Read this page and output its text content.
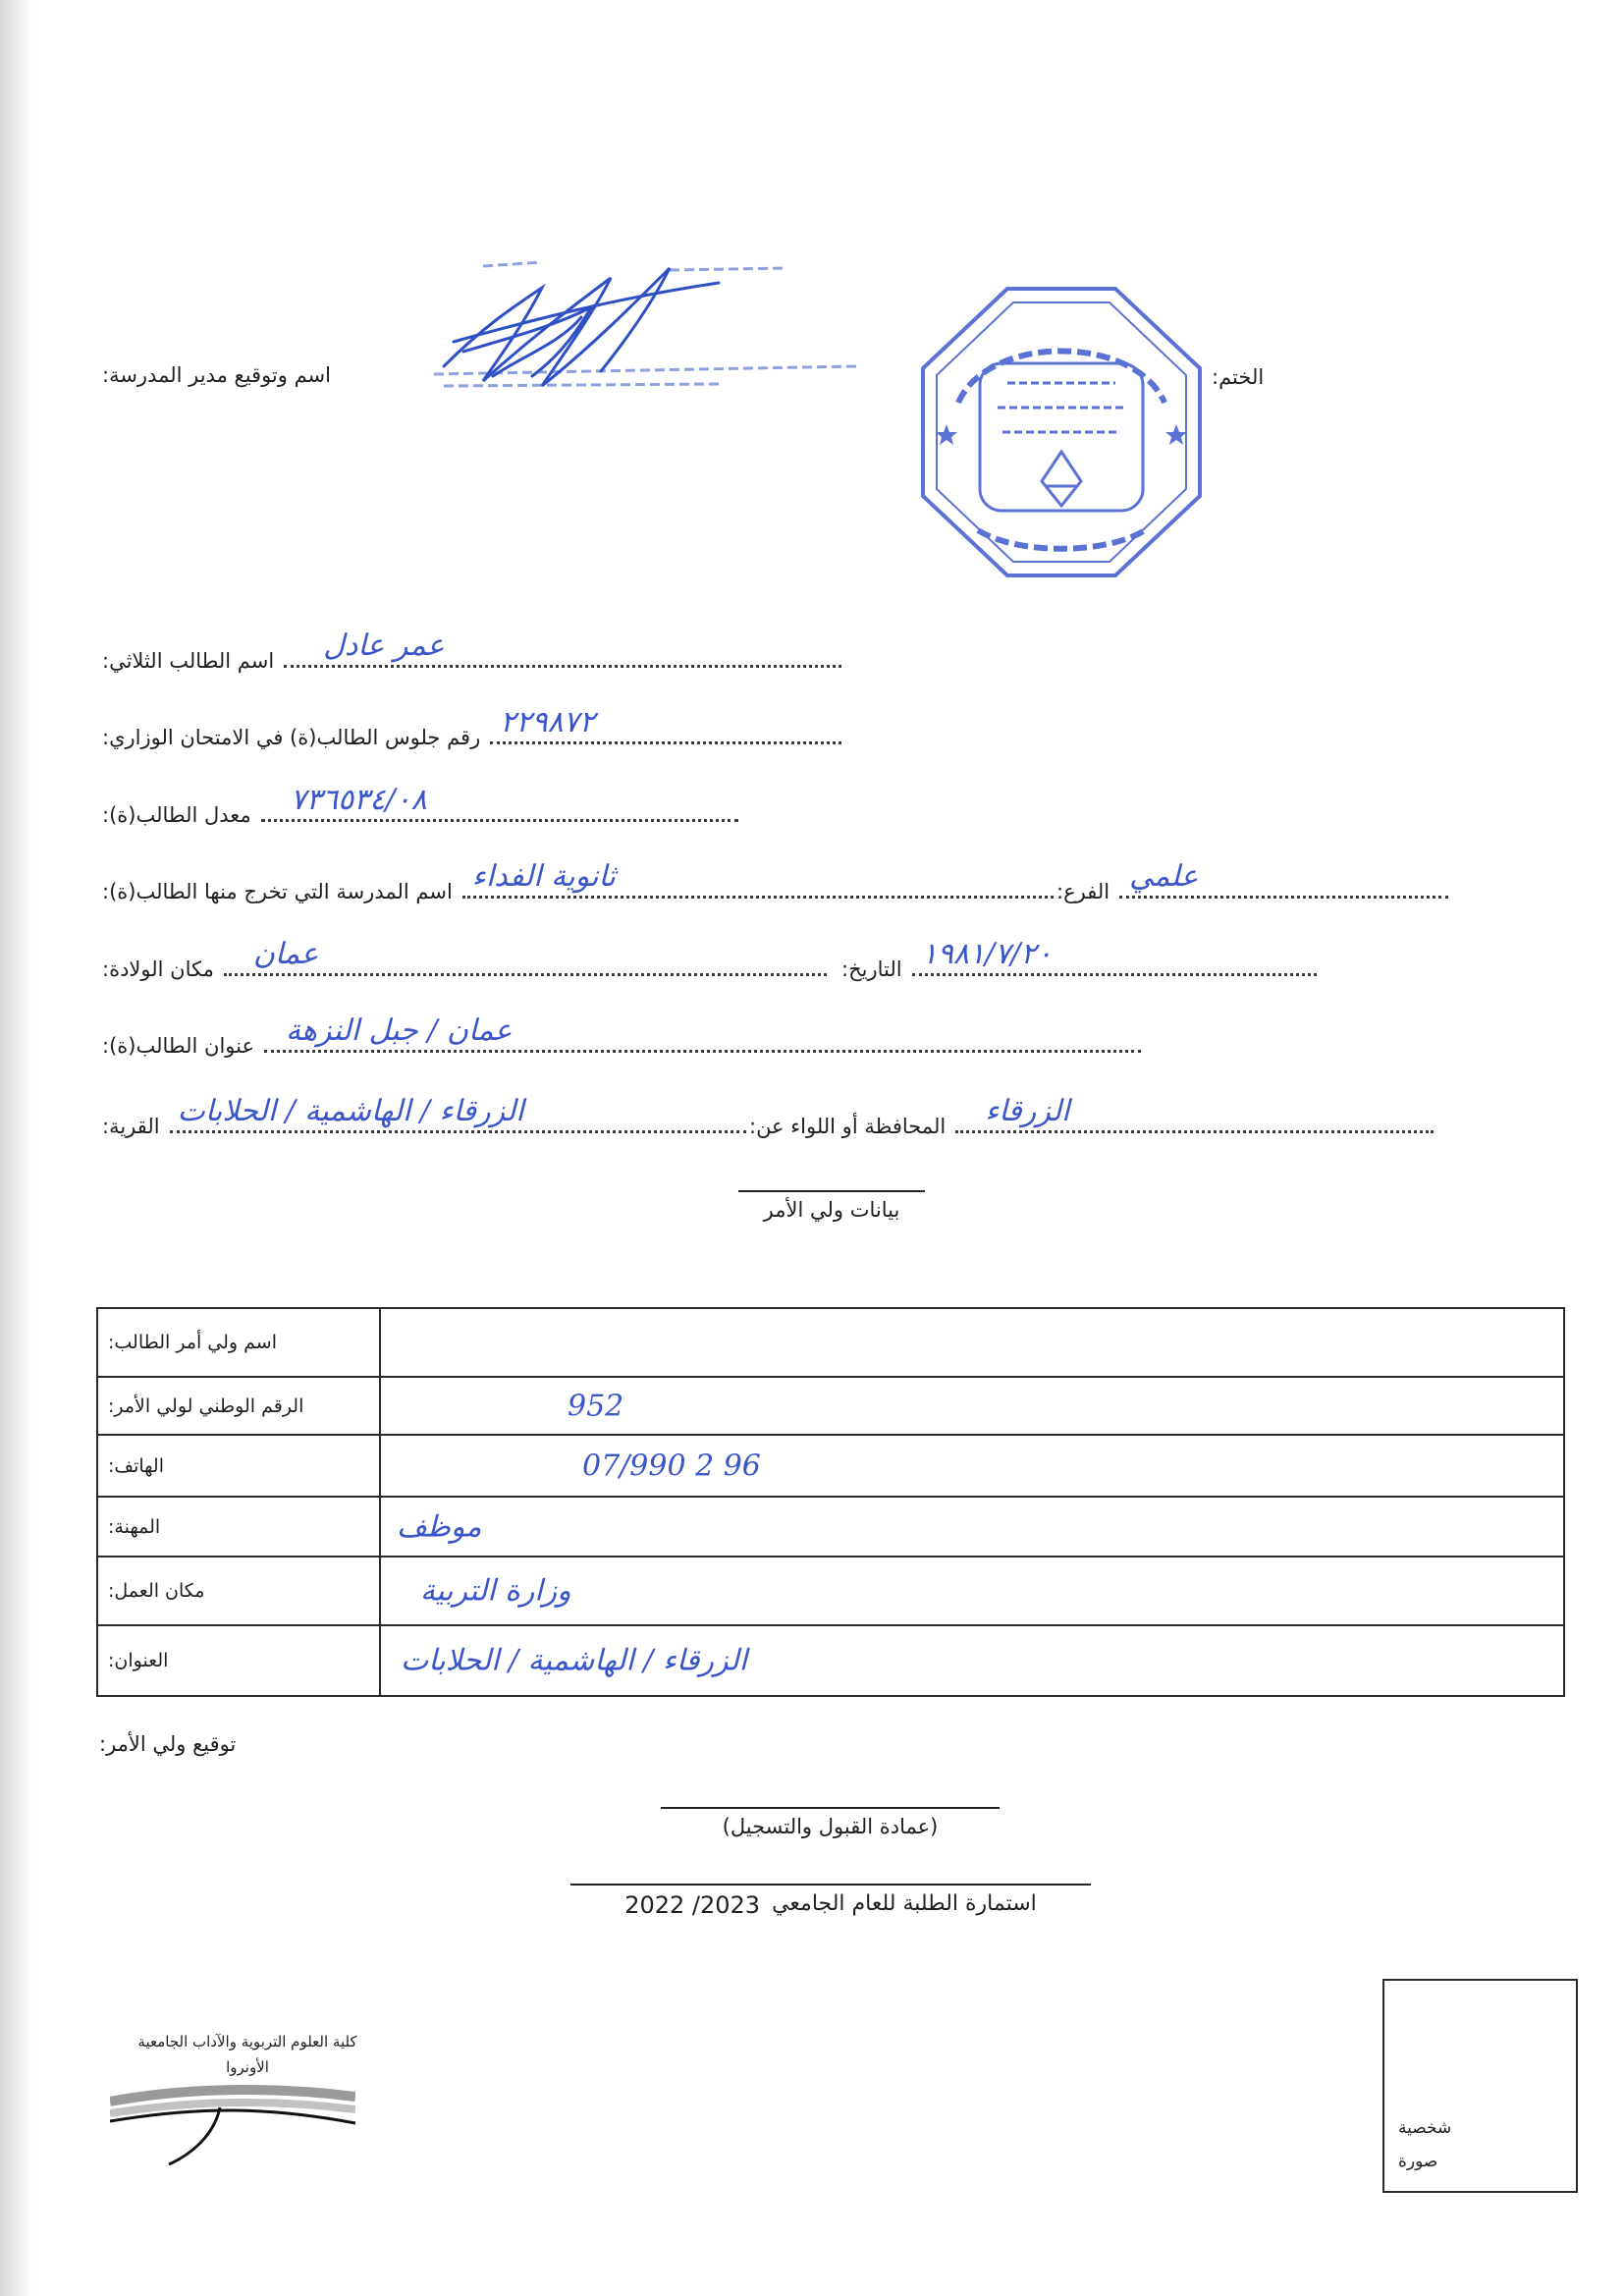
اسم وتوقيع مدير المدرسة:	الختم:
اسم الطالب الثلاثي: عمر عادل
رقم جلوس الطالب(ة) في الامتحان الوزاري: ٢٢٩٨٧٢
معدل الطالب(ة): ٧٣٦٥٣٤/٠٨
اسم المدرسة التي تخرج منها الطالب(ة): ثانوية الفداء	الفرع: علمي
مكان الولادة: عمان	التاريخ: ١٩٨١/٧/٢٠
عنوان الطالب(ة): عمان / جبل النزهة
القرية: الزرقاء / الهاشمية / الحلابات	المحافظة أو اللواء عن: الزرقاء
بيانات ولي الأمر
اسم ولي أمر الطالب:	

الرقم الوطني لولي الأمر:	952

الهاتف:	07/990 2 96

المهنة:	موظف

مكان العمل:	وزارة التربية

العنوان:	الزرقاء / الهاشمية / الحلابات
توقيع ولي الأمر:
(عمادة القبول والتسجيل)
2022 /2023 استمارة الطلبة للعام الجامعي
كلية العلوم التربوية والآداب الجامعية
الأونروا
شخصية
صورة
